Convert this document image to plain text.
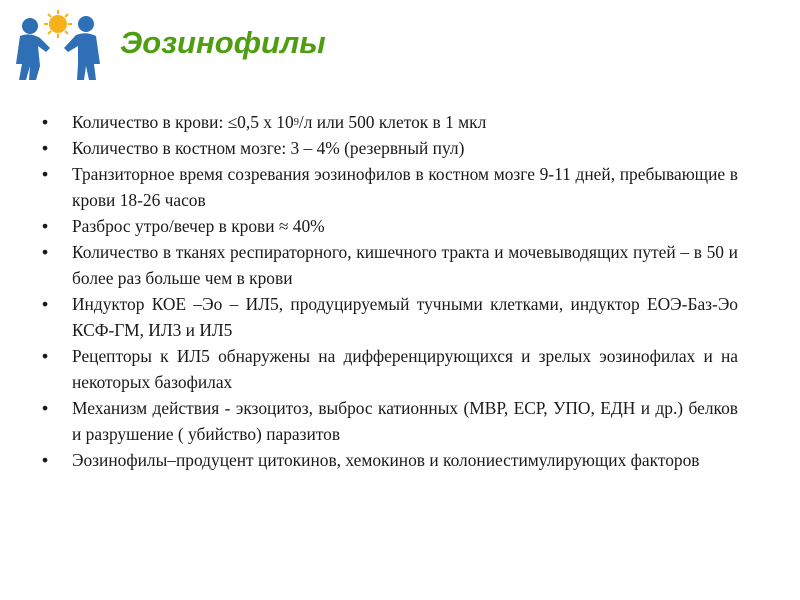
Эозинофилы
• Количество в крови: ≤0,5 х $10^9/л$ или 500 клеток в 1 мкл
• Количество в костном мозге: 3 – 4% (резервный пул)
• Транзиторное время созревания эозинофилов в костном мозге 9-11 дней, пребывающие в крови 18-26 часов
• Разброс утро/вечер в крови ≈ 40%
• Количество в тканях респираторного, кишечного тракта и мочевыводящих путей – в 50 и более раз больше чем в крови
• Индуктор КОЕ –Эо – ИЛ5, продуцируемый тучными клетками, индуктор ЕОЭ-Баз-Эо КСФ-ГМ, ИЛ3 и ИЛ5
• Рецепторы к ИЛ5 обнаружены на дифференцирующихся и зрелых эозинофилах и на некоторых базофилах
• Механизм действия - экзоцитоз, выброс катионных (МВР, ЕСР, УПО, ЕДН и др.) белков и разрушение ( убийство) паразитов
• Эозинофилы–продуцент цитокинов, хемокинов и колониестимулирующих факторов
